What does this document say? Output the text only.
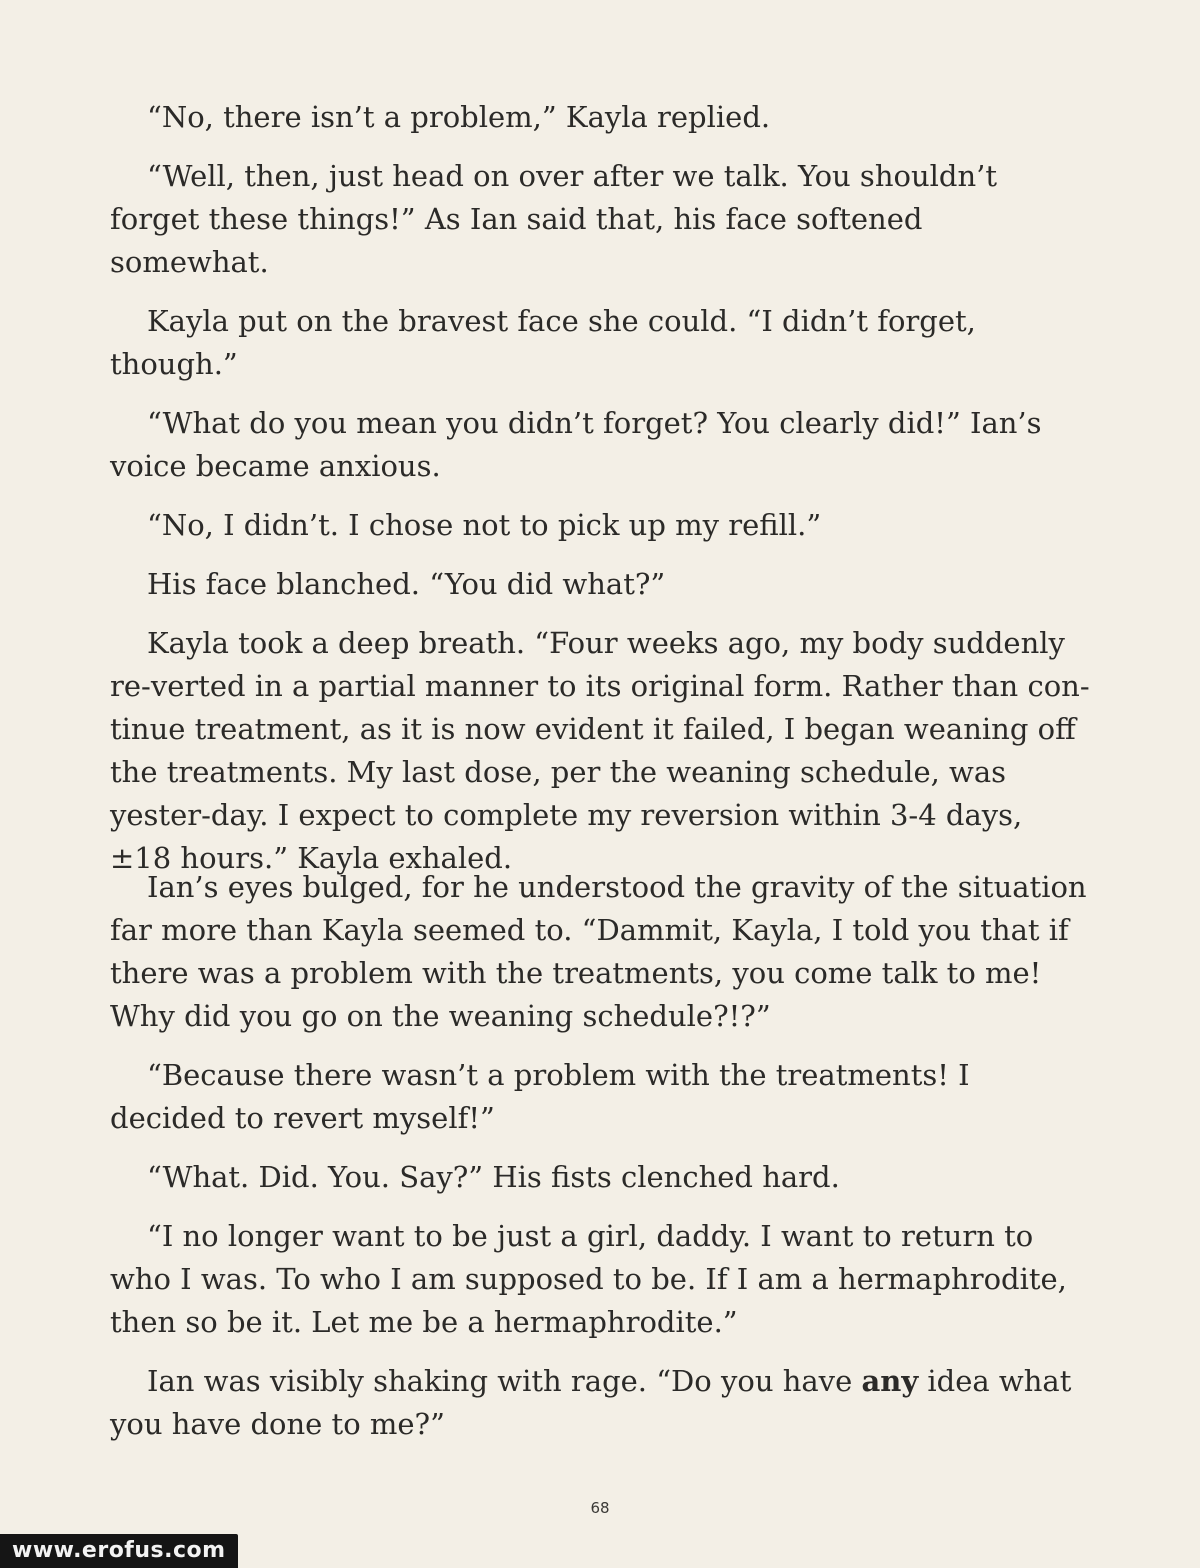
“No, there isn’t a problem,” Kayla replied.

“Well, then, just head on over after we talk. You shouldn’t forget these things!” As Ian said that, his face softened somewhat.

Kayla put on the bravest face she could. “I didn’t forget, though.”

“What do you mean you didn’t forget? You clearly did!” Ian’s voice became anxious.

“No, I didn’t. I chose not to pick up my refill.”

His face blanched. “You did what?”

Kayla took a deep breath. “Four weeks ago, my body suddenly re-verted in a partial manner to its original form. Rather than con-tinue treatment, as it is now evident it failed, I began weaning off the treatments. My last dose, per the weaning schedule, was yester-day. I expect to complete my reversion within 3-4 days, ±18 hours.” Kayla exhaled.

Ian’s eyes bulged, for he understood the gravity of the situation far more than Kayla seemed to. “Dammit, Kayla, I told you that if there was a problem with the treatments, you come talk to me! Why did you go on the weaning schedule?!?”

“Because there wasn’t a problem with the treatments! I decided to revert myself!”

“What. Did. You. Say?” His fists clenched hard.

“I no longer want to be just a girl, daddy. I want to return to who I was. To who I am supposed to be. If I am a hermaphrodite, then so be it. Let me be a hermaphrodite.”

Ian was visibly shaking with rage. “Do you have any idea what you have done to me?”

68
www.erofus.com
